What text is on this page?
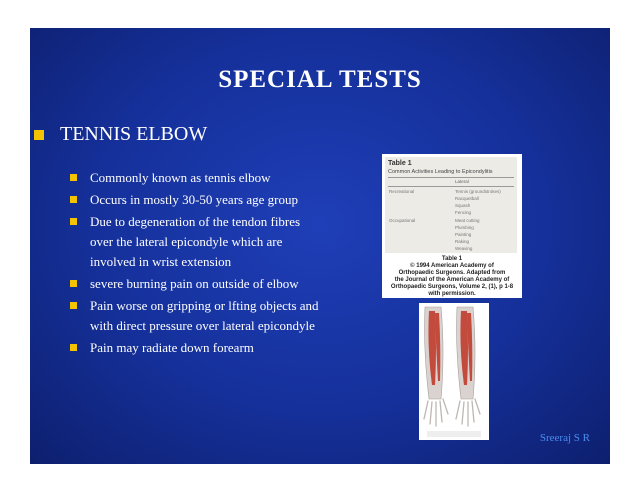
SPECIAL TESTS
TENNIS ELBOW
Commonly known as tennis elbow
Occurs in mostly 30-50 years age group
Due to degeneration of the tendon fibres over the lateral epicondyle which are involved in wrist extension
severe burning pain on outside of elbow
Pain worse on gripping or lfting objects and with direct pressure over lateral epicondyle
Pain may radiate down forearm
Table 1
Common Activities Leading to Epicondylitis
Lateral
Recreational	Tennis (groundstrokes)
Racquetball
Squash
Fencing
Occupational	Meat cutting
Plumbing
Painting
Raking
Weaving
Table 1
© 1994 American Academy of
Orthopaedic Surgeons. Adapted from
the Journal of the American Academy of
Orthopaedic Surgeons, Volume 2, (1), p 1-8
with permission.
Sreeraj S R
